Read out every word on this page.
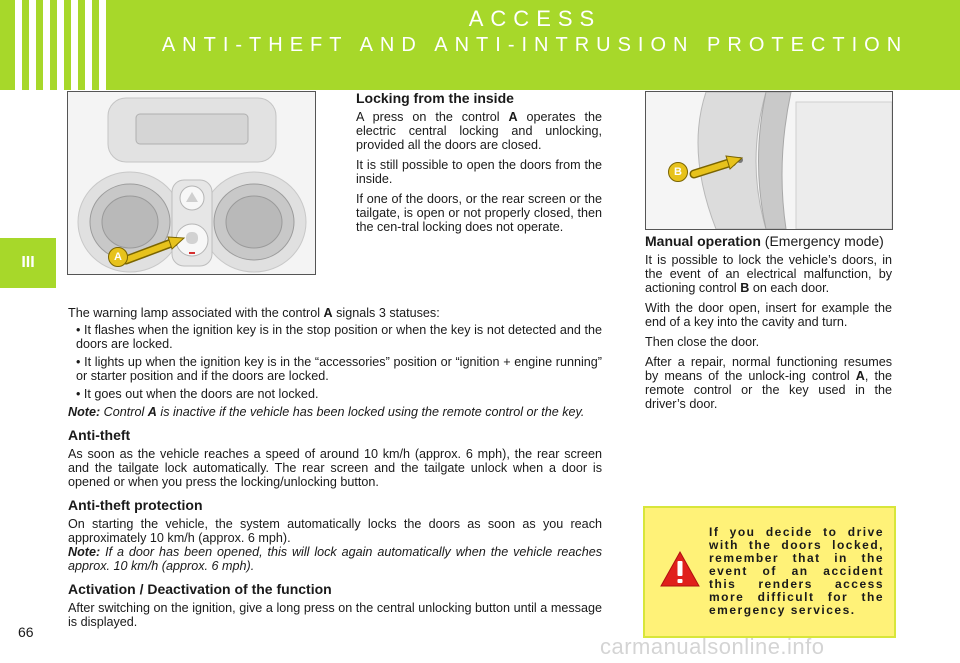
ACCESS
ANTI-THEFT AND ANTI-INTRUSION PROTECTION
III	A
B
Locking from the inside

A press on the control A operates the electric central locking and unlocking, provided all the doors are closed.

It is still possible to open the doors from the inside.

If one of the doors, or the rear screen or the tailgate, is open or not properly closed, then the cen-tral locking does not operate.

Manual operation (Emergency mode)

It is possible to lock the vehicle’s doors, in the event of an electrical malfunction, by actioning control B on each door.

With the door open, insert for example the end of a key into the cavity and turn.

Then close the door.

After a repair, normal functioning resumes by means of the unlock-ing control A, the remote control or the key used in the driver’s door.

The warning lamp associated with the control A signals 3 statuses:

• It flashes when the ignition key is in the stop position or when the key is not detected and the doors are locked.
• It lights up when the ignition key is in the “accessories” position or “ignition + engine running” or starter position and if the doors are locked.
• It goes out when the doors are not locked.

Note: Control A is inactive if the vehicle has been locked using the remote control or the key.

Anti-theft

As soon as the vehicle reaches a speed of around 10 km/h (approx. 6 mph), the rear screen and the tailgate lock automatically. The rear screen and the tailgate unlock when a door is opened or when you press the locking/unlocking button.

Anti-theft protection

On starting the vehicle, the system automatically locks the doors as soon as you reach approximately 10 km/h (approx. 6 mph).

Note: If a door has been opened, this will lock again automatically when the vehicle reaches approx. 10 km/h (approx. 6 mph).

Activation / Deactivation of the function

After switching on the ignition, give a long press on the central unlocking button until a message is displayed.

If you decide to drive with the doors locked, remember that in the event of an accident this renders access more difficult for the emergency services.
66
carmanualsonline.info
